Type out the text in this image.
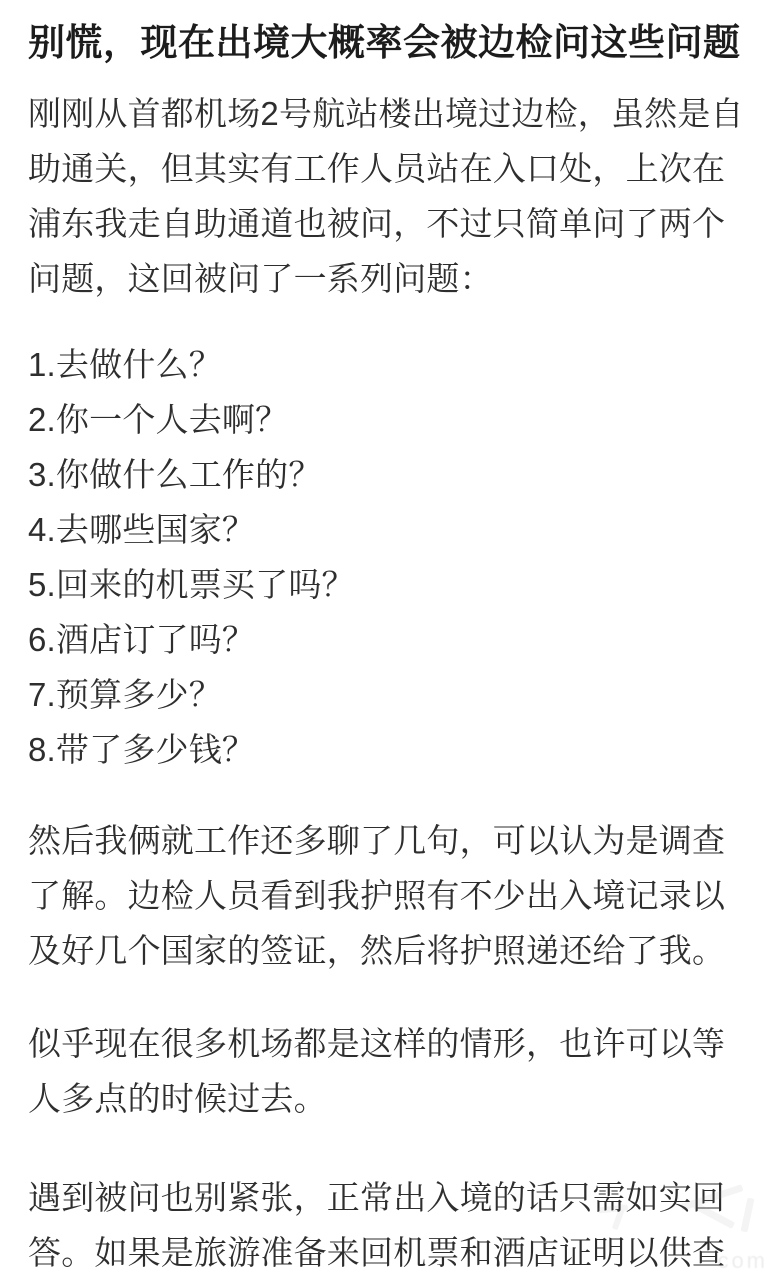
别慌，现在出境大概率会被边检问这些问题
刚刚从首都机场2号航站楼出境过边检，虽然是自
助通关，但其实有工作人员站在入口处，上次在
浦东我走自助通道也被问，不过只简单问了两个
问题，这回被问了一系列问题：
1.去做什么？
2.你一个人去啊？
3.你做什么工作的？
4.去哪些国家？
5.回来的机票买了吗？
6.酒店订了吗？
7.预算多少？
8.带了多少钱？
然后我俩就工作还多聊了几句，可以认为是调查
了解。边检人员看到我护照有不少出入境记录以
及好几个国家的签证，然后将护照递还给了我。
似乎现在很多机场都是这样的情形，也许可以等
人多点的时候过去。
遇到被问也别紧张，正常出入境的话只需如实回
答。如果是旅游准备来回机票和酒店证明以供查
com
